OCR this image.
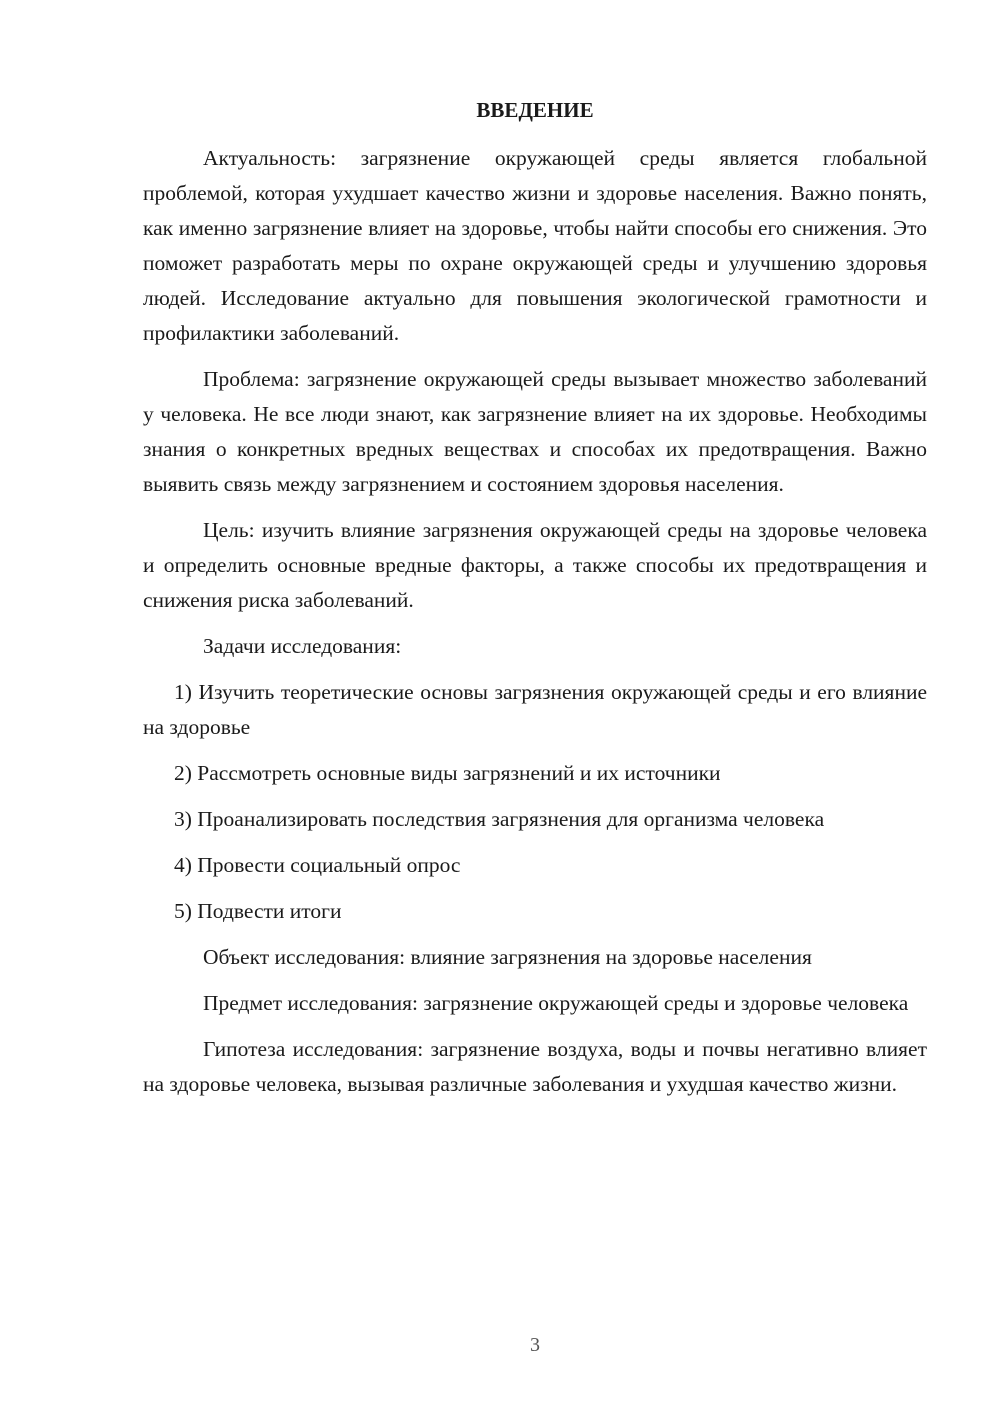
ВВЕДЕНИЕ

Актуальность: загрязнение окружающей среды является глобальной проблемой, которая ухудшает качество жизни и здоровье населения. Важно понять, как именно загрязнение влияет на здоровье, чтобы найти способы его снижения. Это поможет разработать меры по охране окружающей среды и улучшению здоровья людей. Исследование актуально для повышения экологической грамотности и профилактики заболеваний.

Проблема: загрязнение окружающей среды вызывает множество заболеваний у человека. Не все люди знают, как загрязнение влияет на их здоровье. Необходимы знания о конкретных вредных веществах и способах их предотвращения. Важно выявить связь между загрязнением и состоянием здоровья населения.

Цель: изучить влияние загрязнения окружающей среды на здоровье человека и определить основные вредные факторы, а также способы их предотвращения и снижения риска заболеваний.

Задачи исследования:

1) Изучить теоретические основы загрязнения окружающей среды и его влияние на здоровье

2) Рассмотреть основные виды загрязнений и их источники

3) Проанализировать последствия загрязнения для организма человека

4) Провести социальный опрос

5) Подвести итоги

Объект исследования: влияние загрязнения на здоровье населения

Предмет исследования: загрязнение окружающей среды и здоровье человека

Гипотеза исследования: загрязнение воздуха, воды и почвы негативно влияет на здоровье человека, вызывая различные заболевания и ухудшая качество жизни.

3
